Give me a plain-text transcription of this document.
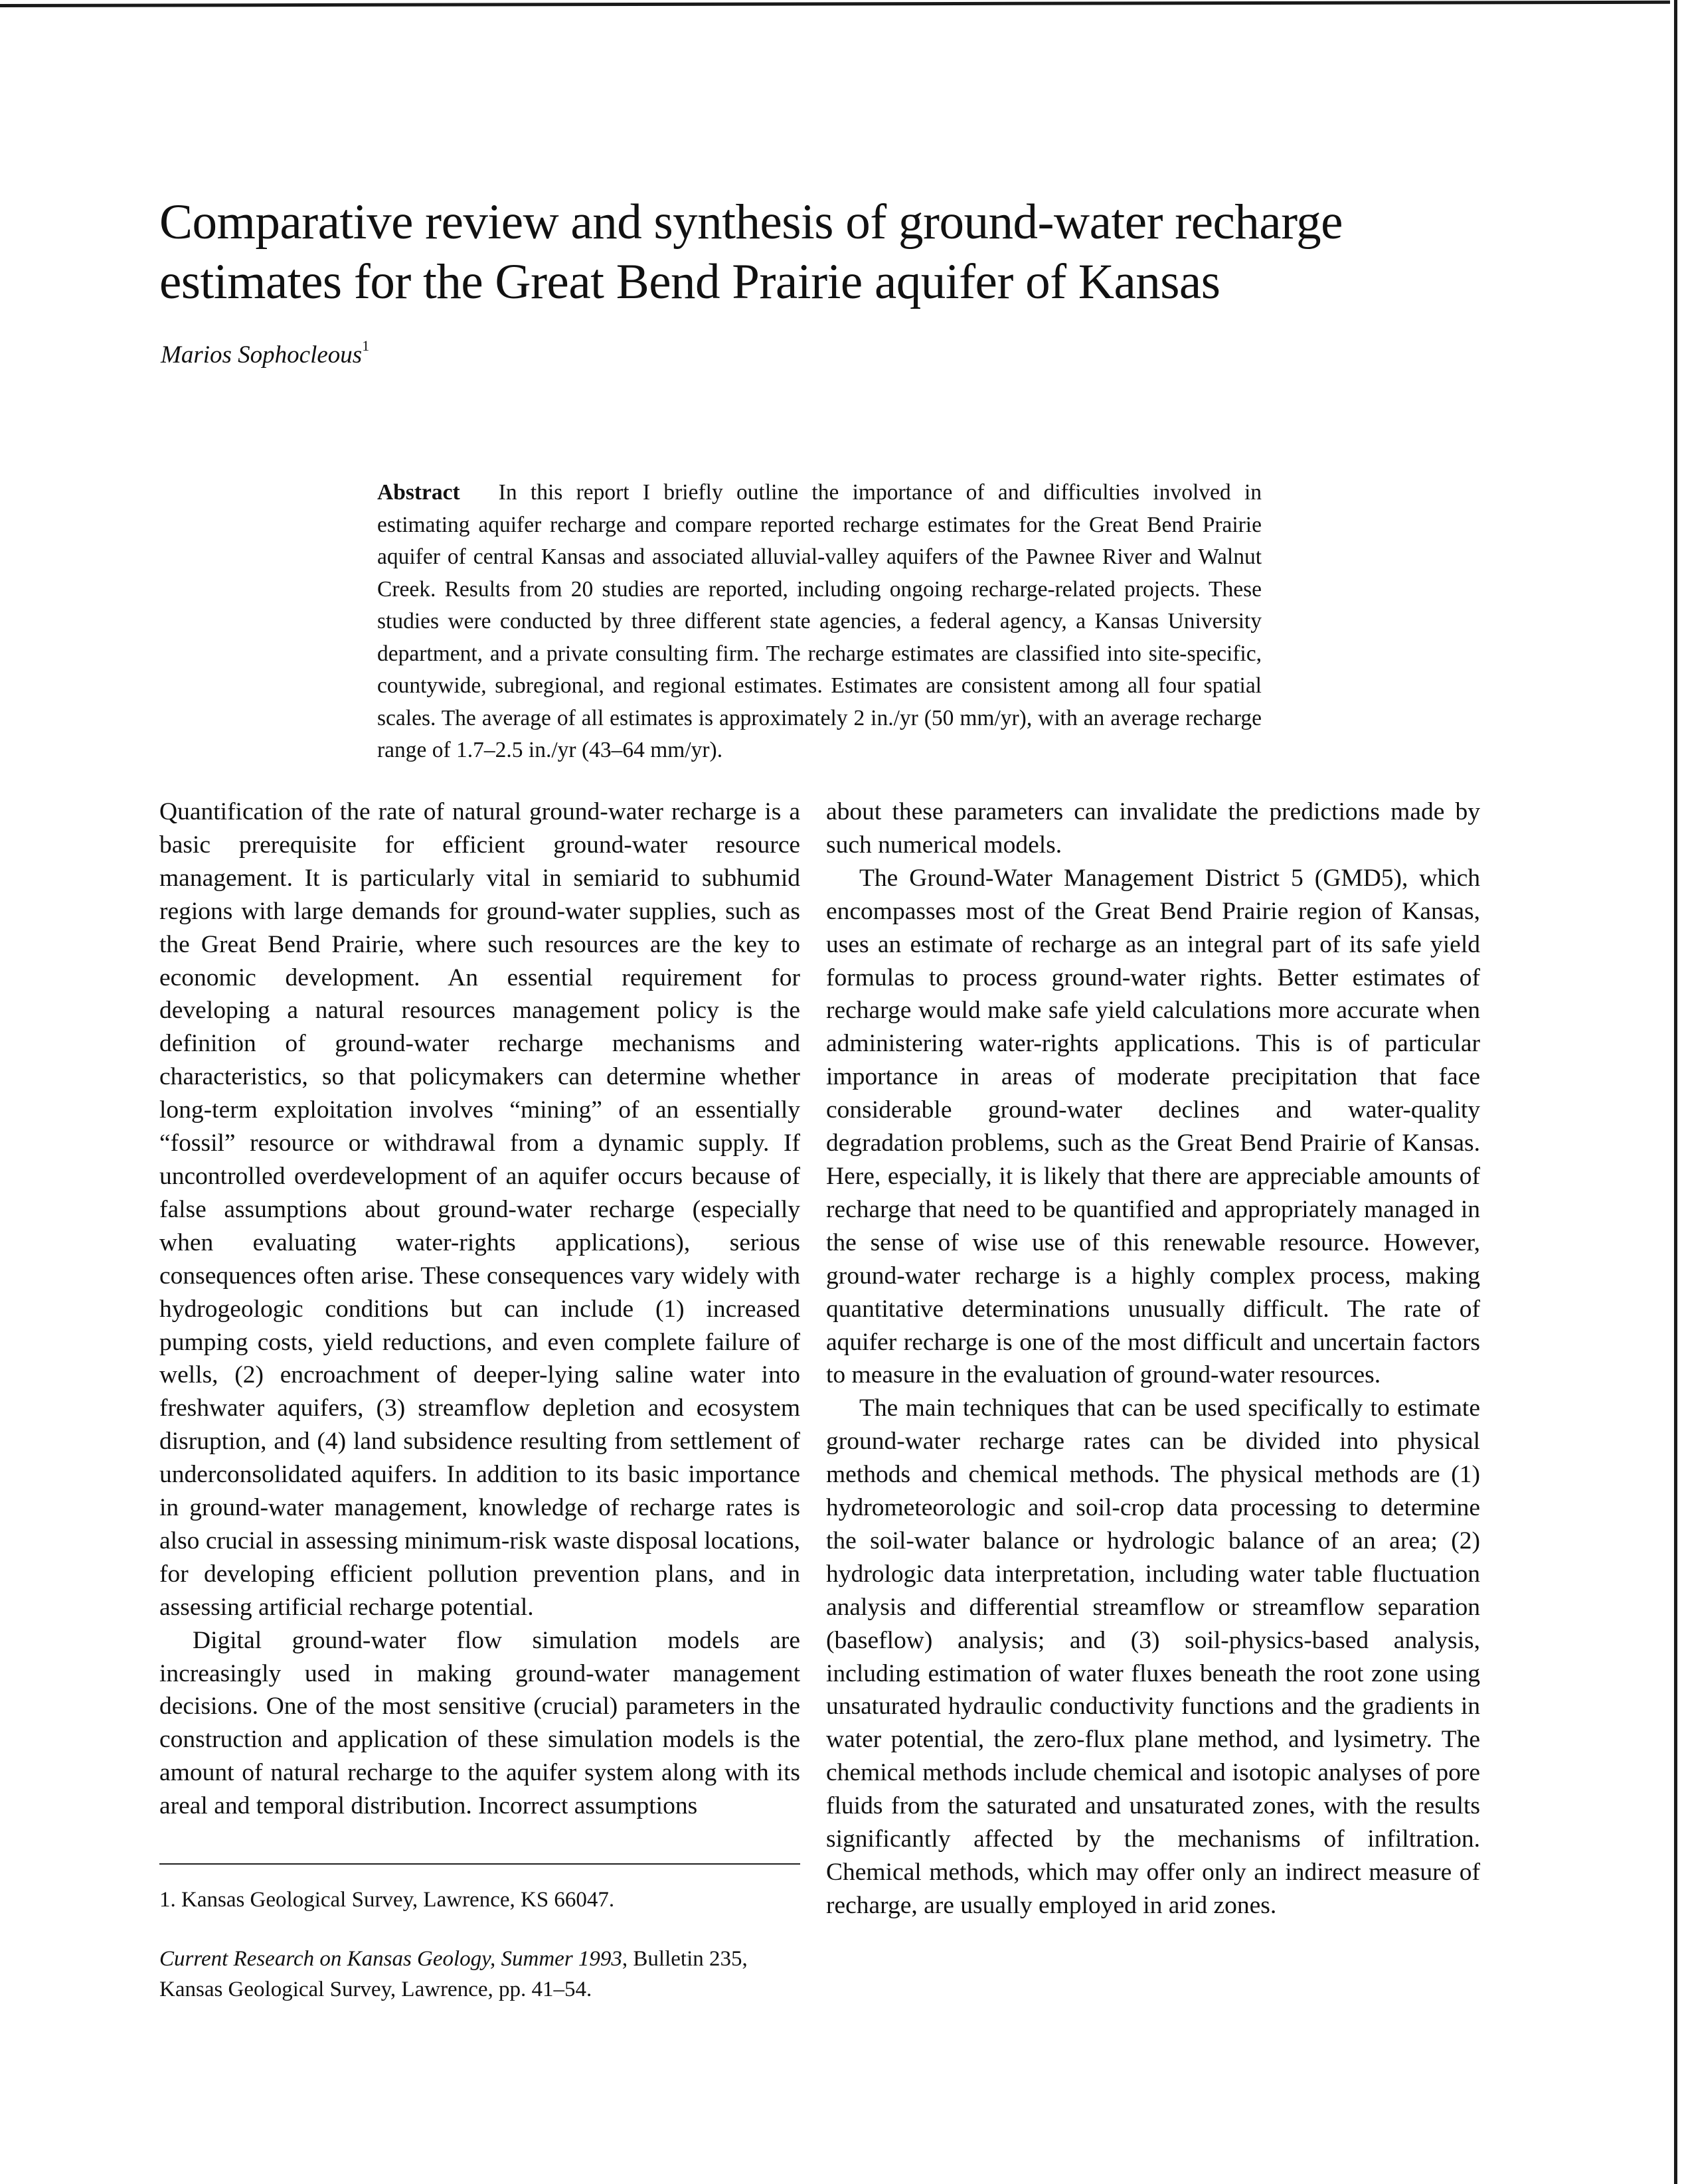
Comparative review and synthesis of ground-water recharge
estimates for the Great Bend Prairie aquifer of Kansas
Marios Sophocleous$^1$
Abstract In this report I briefly outline the importance of and difficulties involved in estimating aquifer recharge and compare reported recharge estimates for the Great Bend Prairie aquifer of central Kansas and associated alluvial-valley aquifers of the Pawnee River and Walnut Creek. Results from 20 studies are reported, including ongoing recharge-related projects. These studies were conducted by three different state agencies, a federal agency, a Kansas University department, and a private consulting firm. The recharge estimates are classified into site-specific, countywide, subregional, and regional estimates. Estimates are consistent among all four spatial scales. The average of all estimates is approximately 2 in./yr (50 mm/yr), with an average recharge range of 1.7–2.5 in./yr (43–64 mm/yr).

Quantification of the rate of natural ground-water recharge is a basic prerequisite for efficient ground-water resource management. It is particularly vital in semiarid to subhumid regions with large demands for ground-water supplies, such as the Great Bend Prairie, where such resources are the key to economic development. An essential requirement for developing a natural resources management policy is the definition of ground-water recharge mechanisms and characteristics, so that policymakers can determine whether long-term exploitation involves “mining” of an essentially “fossil” resource or withdrawal from a dynamic supply. If uncontrolled overdevelopment of an aquifer occurs because of false assumptions about ground-water recharge (especially when evaluating water-rights applications), serious consequences often arise. These consequences vary widely with hydrogeologic conditions but can include (1) increased pumping costs, yield reductions, and even complete failure of wells, (2) encroachment of deeper-lying saline water into freshwater aquifers, (3) streamflow depletion and ecosystem disruption, and (4) land subsidence resulting from settlement of underconsolidated aquifers. In addition to its basic importance in ground-water management, knowledge of recharge rates is also crucial in assessing minimum-risk waste disposal locations, for developing efficient pollution prevention plans, and in assessing artificial recharge potential.

Digital ground-water flow simulation models are increasingly used in making ground-water management decisions. One of the most sensitive (crucial) parameters in the construction and application of these simulation models is the amount of natural recharge to the aquifer system along with its areal and temporal distribution. Incorrect assumptions

about these parameters can invalidate the predictions made by such numerical models.

The Ground-Water Management District 5 (GMD5), which encompasses most of the Great Bend Prairie region of Kansas, uses an estimate of recharge as an integral part of its safe yield formulas to process ground-water rights. Better estimates of recharge would make safe yield calculations more accurate when administering water-rights applications. This is of particular importance in areas of moderate precipitation that face considerable ground-water declines and water-quality degradation problems, such as the Great Bend Prairie of Kansas. Here, especially, it is likely that there are appreciable amounts of recharge that need to be quantified and appropriately managed in the sense of wise use of this renewable resource. However, ground-water recharge is a highly complex process, making quantitative determinations unusually difficult. The rate of aquifer recharge is one of the most difficult and uncertain factors to measure in the evaluation of ground-water resources.

The main techniques that can be used specifically to estimate ground-water recharge rates can be divided into physical methods and chemical methods. The physical methods are (1) hydrometeorologic and soil-crop data processing to determine the soil-water balance or hydrologic balance of an area; (2) hydrologic data interpretation, including water table fluctuation analysis and differential streamflow or streamflow separation (baseflow) analysis; and (3) soil-physics-based analysis, including estimation of water fluxes beneath the root zone using unsaturated hydraulic conductivity functions and the gradients in water potential, the zero-flux plane method, and lysimetry. The chemical methods include chemical and isotopic analyses of pore fluids from the saturated and unsaturated zones, with the results significantly affected by the mechanisms of infiltration. Chemical methods, which may offer only an indirect measure of recharge, are usually employed in arid zones.

1. Kansas Geological Survey, Lawrence, KS 66047.
Current Research on Kansas Geology, Summer 1993, Bulletin 235, Kansas Geological Survey, Lawrence, pp. 41–54.
